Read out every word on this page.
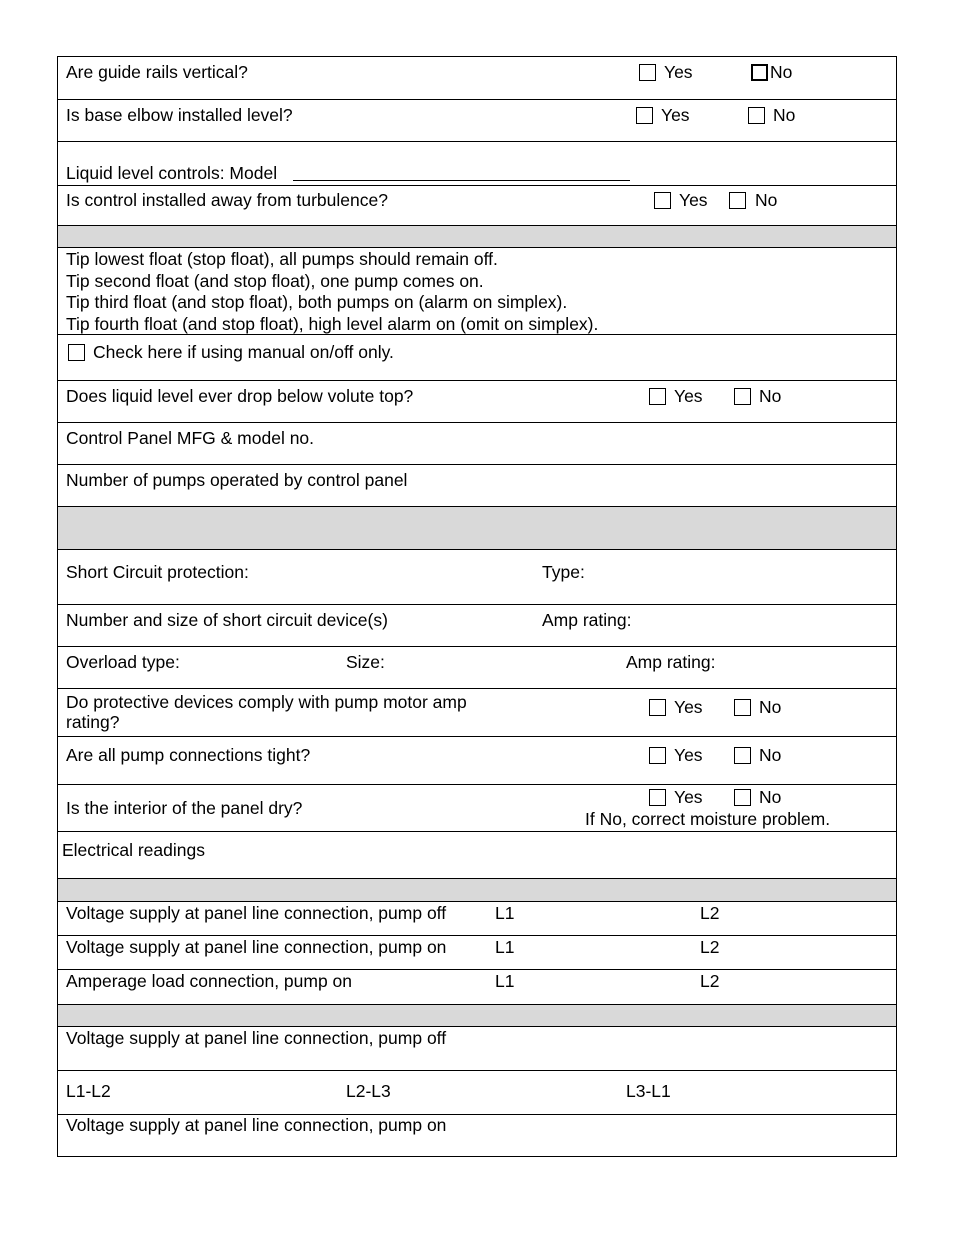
Are guide rails vertical?	Yes	No
Is base elbow installed level?	Yes	No
Liquid level controls: Model
Is control installed away from turbulence?	Yes	No
Tip lowest float (stop float), all pumps should remain off.
Tip second float (and stop float), one pump comes on.
Tip third float (and stop float), both pumps on (alarm on simplex).
Tip fourth float (and stop float), high level alarm on (omit on simplex).
Check here if using manual on/off only.
Does liquid level ever drop below volute top?	Yes	No
Control Panel MFG & model no.
Number of pumps operated by control panel
Short Circuit protection:	Type:
Number and size of short circuit device(s)	Amp rating:
Overload type:	Size:	Amp rating:
Do protective devices comply with pump motor amp
rating?
Yes	No
Are all pump connections tight?	Yes	No
Is the interior of the panel dry?
Yes	No
If No, correct moisture problem.
Electrical readings
Voltage supply at panel line connection, pump off	L1	L2
Voltage supply at panel line connection, pump on	L1	L2
Amperage load connection, pump on	L1	L2
Voltage supply at panel line connection, pump off
L1-L2	L2-L3	L3-L1
Voltage supply at panel line connection, pump on
